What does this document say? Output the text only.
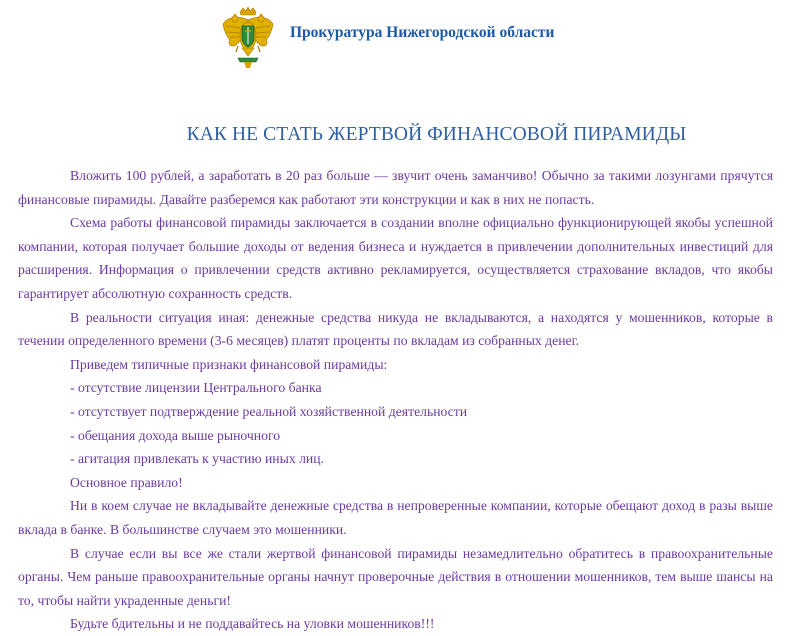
Прокуратура Нижегородской области
КАК НЕ СТАТЬ ЖЕРТВОЙ ФИНАНСОВОЙ ПИРАМИДЫ

Вложить 100 рублей, а заработать в 20 раз больше — звучит очень заманчиво! Обычно за такими лозунгами прячутся финансовые пирамиды. Давайте разберемся как работают эти конструкции и как в них не попасть.

Схема работы финансовой пирамиды заключается в создании вполне официально функционирующей якобы успешной компании, которая получает большие доходы от ведения бизнеса и нуждается в привлечении дополнительных инвестиций для расширения. Информация о привлечении средств активно рекламируется, осуществляется страхование вкладов, что якобы гарантирует абсолютную сохранность средств.

В реальности ситуация иная: денежные средства никуда не вкладываются, а находятся у мошенников, которые в течении определенного времени (3-6 месяцев) платят проценты по вкладам из собранных денег.

Приведем типичные признаки финансовой пирамиды:

- отсутствие лицензии Центрального банка

- отсутствует подтверждение реальной хозяйственной деятельности

- обещания дохода выше рыночного

- агитация привлекать к участию иных лиц.

Основное правило!

Ни в коем случае не вкладывайте денежные средства в непроверенные компании, которые обещают доход в разы выше вклада в банке. В большинстве случаем это мошенники.

В случае если вы все же стали жертвой финансовой пирамиды незамедлительно обратитесь в правоохранительные органы. Чем раньше правоохранительные органы начнут проверочные действия в отношении мошенников, тем выше шансы на то, чтобы найти украденные деньги!

Будьте бдительны и не поддавайтесь на уловки мошенников!!!
